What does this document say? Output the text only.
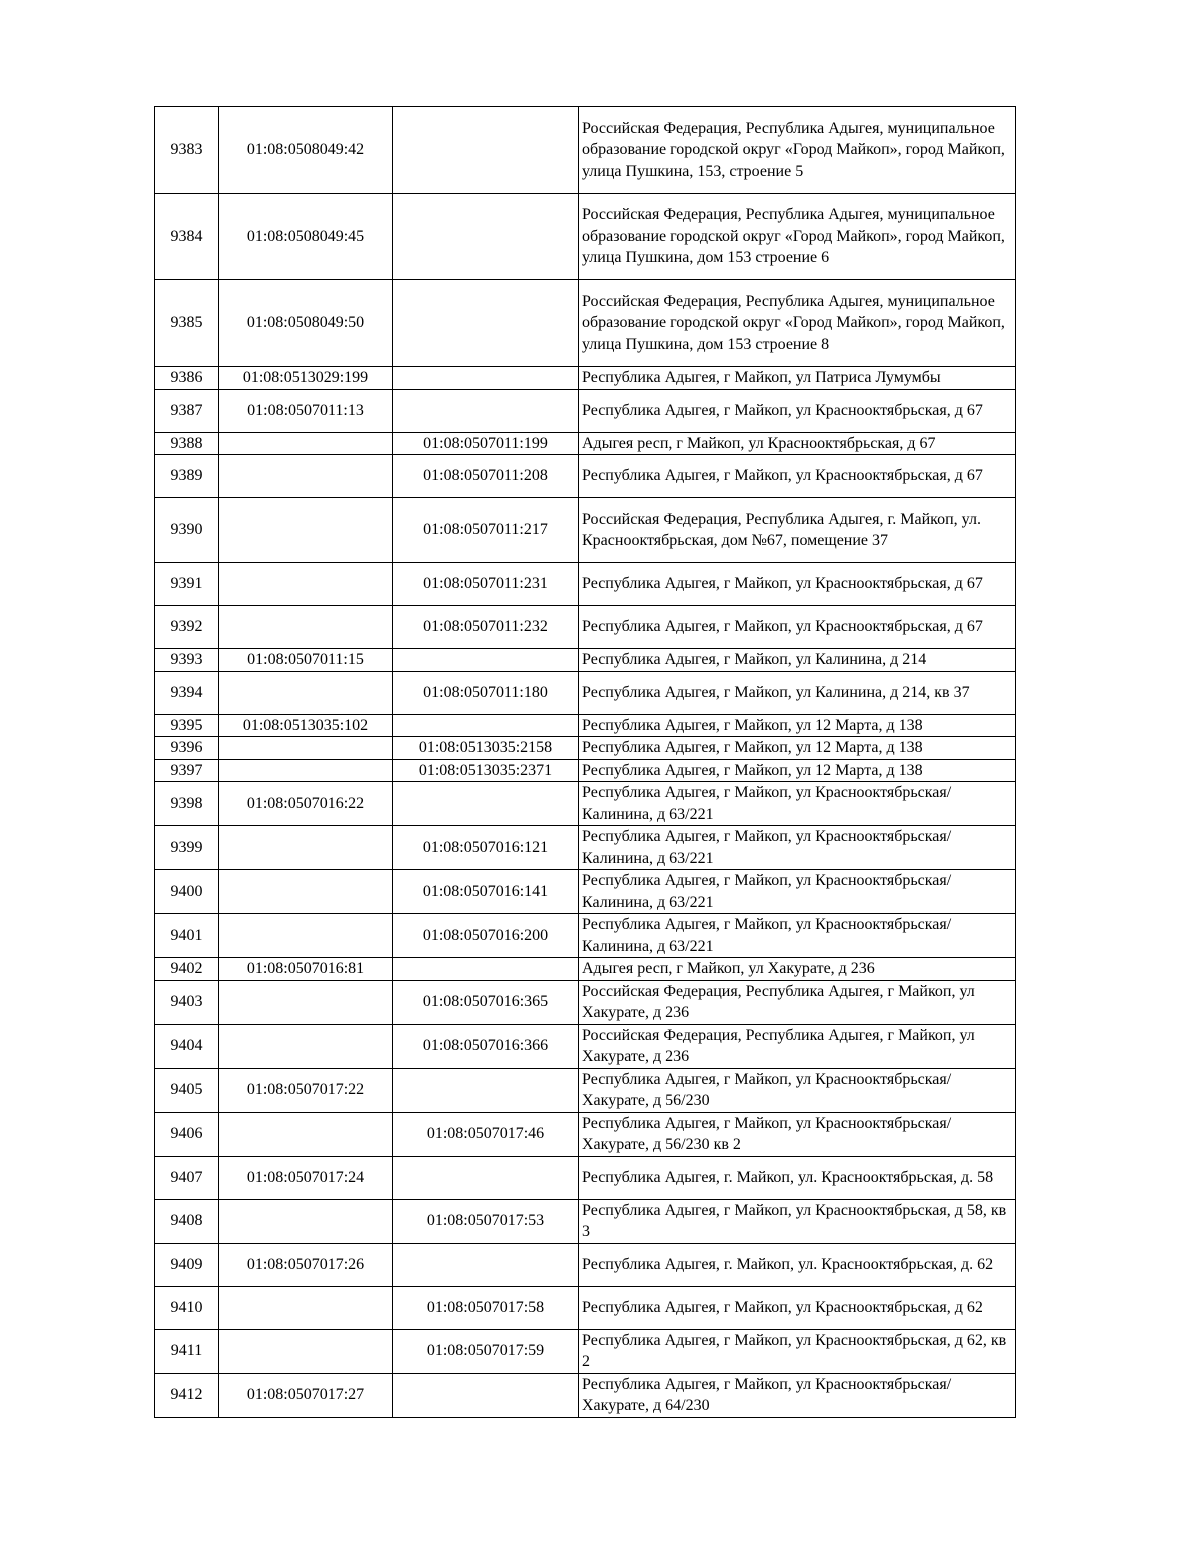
9383	01:08:0508049:42		Российская Федерация, Республика Адыгея, муниципальное образование городской округ «Город Майкоп», город Майкоп, улица Пушкина, 153, строение 5
9384	01:08:0508049:45		Российская Федерация, Республика Адыгея, муниципальное образование городской округ «Город Майкоп», город Майкоп, улица Пушкина, дом 153 строение 6
9385	01:08:0508049:50		Российская Федерация, Республика Адыгея, муниципальное образование городской округ «Город Майкоп», город Майкоп, улица Пушкина, дом 153 строение 8
9386	01:08:0513029:199		Республика Адыгея, г Майкоп, ул Патриса Лумумбы
9387	01:08:0507011:13		Республика Адыгея, г Майкоп, ул Краснооктябрьская, д 67
9388		01:08:0507011:199	Адыгея респ, г Майкоп, ул Краснооктябрьская, д 67
9389		01:08:0507011:208	Республика Адыгея, г Майкоп, ул Краснооктябрьская, д 67
9390		01:08:0507011:217	Российская Федерация, Республика Адыгея, г. Майкоп, ул. Краснооктябрьская, дом №67, помещение 37
9391		01:08:0507011:231	Республика Адыгея, г Майкоп, ул Краснооктябрьская, д 67
9392		01:08:0507011:232	Республика Адыгея, г Майкоп, ул Краснооктябрьская, д 67
9393	01:08:0507011:15		Республика Адыгея, г Майкоп, ул Калинина, д 214
9394		01:08:0507011:180	Республика Адыгея, г Майкоп, ул Калинина, д 214, кв 37
9395	01:08:0513035:102		Республика Адыгея, г Майкоп, ул 12 Марта, д 138
9396		01:08:0513035:2158	Республика Адыгея, г Майкоп, ул 12 Марта, д 138
9397		01:08:0513035:2371	Республика Адыгея, г Майкоп, ул 12 Марта, д 138
9398	01:08:0507016:22		Республика Адыгея, г Майкоп, ул Краснооктябрьская/Калинина, д 63/221
9399		01:08:0507016:121	Республика Адыгея, г Майкоп, ул Краснооктябрьская/Калинина, д 63/221
9400		01:08:0507016:141	Республика Адыгея, г Майкоп, ул Краснооктябрьская/Калинина, д 63/221
9401		01:08:0507016:200	Республика Адыгея, г Майкоп, ул Краснооктябрьская/Калинина, д 63/221
9402	01:08:0507016:81		Адыгея респ, г Майкоп, ул Хакурате, д 236
9403		01:08:0507016:365	Российская Федерация, Республика Адыгея, г Майкоп, ул Хакурате, д 236
9404		01:08:0507016:366	Российская Федерация, Республика Адыгея, г Майкоп, ул Хакурате, д 236
9405	01:08:0507017:22		Республика Адыгея, г Майкоп, ул Краснооктябрьская/Хакурате, д 56/230
9406		01:08:0507017:46	Республика Адыгея, г Майкоп, ул Краснооктябрьская/Хакурате, д 56/230 кв 2
9407	01:08:0507017:24		Республика Адыгея, г. Майкоп, ул. Краснооктябрьская, д. 58
9408		01:08:0507017:53	Республика Адыгея, г Майкоп, ул Краснооктябрьская, д 58, кв 3
9409	01:08:0507017:26		Республика Адыгея, г. Майкоп, ул. Краснооктябрьская, д. 62
9410		01:08:0507017:58	Республика Адыгея, г Майкоп, ул Краснооктябрьская, д 62
9411		01:08:0507017:59	Республика Адыгея, г Майкоп, ул Краснооктябрьская, д 62, кв 2
9412	01:08:0507017:27		Республика Адыгея, г Майкоп, ул Краснооктябрьская/Хакурате, д 64/230
